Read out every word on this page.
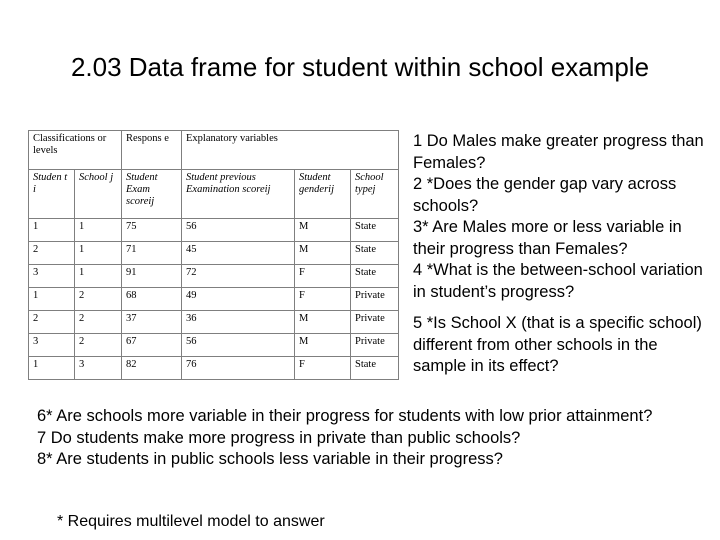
2.03 Data frame for student within school example
Classifications or levels		Respons e	Explanatory variables		
Studen t i	School j	Student Exam scoreij	Student previous Examination scoreij	Student genderij	School typej
1	1	75	56	M	State
2	1	71	45	M	State
3	1	91	72	F	State
1	2	68	49	F	Private
2	2	37	36	M	Private
3	2	67	56	M	Private
1	3	82	76	F	State
1 Do Males make greater progress than Females?
2 *Does the gender gap vary across schools?
3* Are Males more or less variable in their progress than Females?
4 *What is the between-school variation in student’s progress?
5 *Is School X (that is a specific school) different from other schools in the sample in its effect?
6* Are schools more variable in their progress for students with low prior attainment?
7 Do students make more progress in private than public schools?
8* Are students in public schools less variable in their progress?
* Requires multilevel model to answer
